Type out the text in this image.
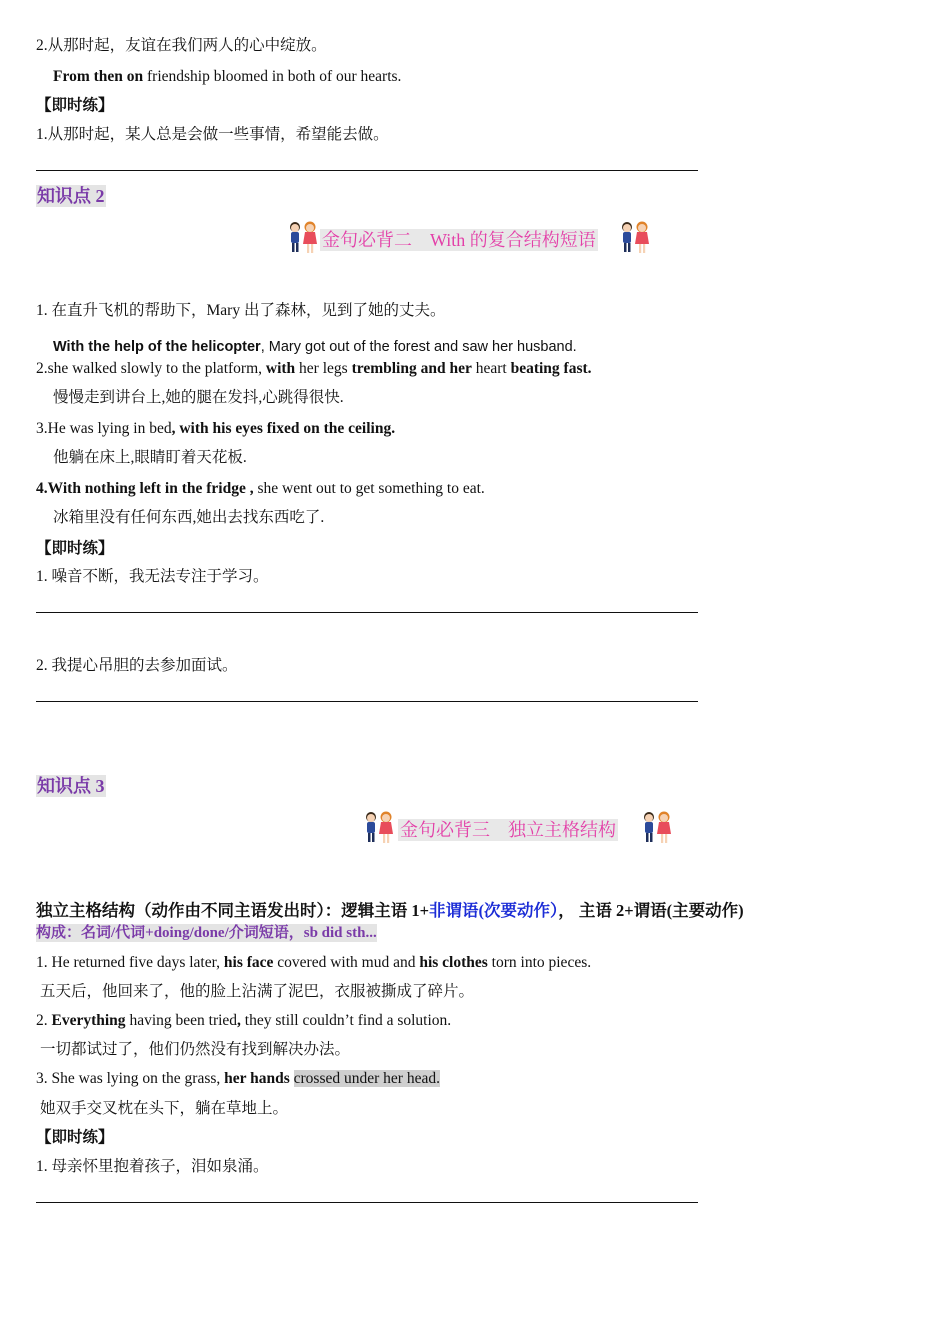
2.从那时起，友谊在我们两人的心中绽放。
From then on friendship bloomed in both of our hearts.
【即时练】
1.从那时起，某人总是会做一些事情，希望能去做。
知识点 2
金句必背二　With 的复合结构短语
1. 在直升飞机的帮助下，Mary 出了森林，见到了她的丈夫。
With the help of the helicopter, Mary got out of the forest and saw her husband.
2.she walked slowly to the platform, with her legs trembling and her heart beating fast.
慢慢走到讲台上,她的腿在发抖,心跳得很快.
3.He was lying in bed, with his eyes fixed on the ceiling.
他躺在床上,眼睛盯着天花板.
4.With nothing left in the fridge , she went out to get something to eat.
冰箱里没有任何东西,她出去找东西吃了.
【即时练】
1. 噪音不断，我无法专注于学习。
2. 我提心吊胆的去参加面试。
知识点 3
金句必背三　独立主格结构
独立主格结构（动作由不同主语发出时）：逻辑主语 1+非谓语(次要动作）， 主语 2+谓语(主要动作)
构成：名词/代词+doing/done/介词短语，sb did sth...
1. He returned five days later, his face covered with mud and his clothes torn into pieces.
五天后，他回来了，他的脸上沾满了泥巴，衣服被撕成了碎片。
2. Everything having been tried, they still couldn’t find a solution.
一切都试过了，他们仍然没有找到解决办法。
3. She was lying on the grass, her hands crossed under her head.
她双手交叉枕在头下，躺在草地上。
【即时练】
1. 母亲怀里抱着孩子，泪如泉涌。
